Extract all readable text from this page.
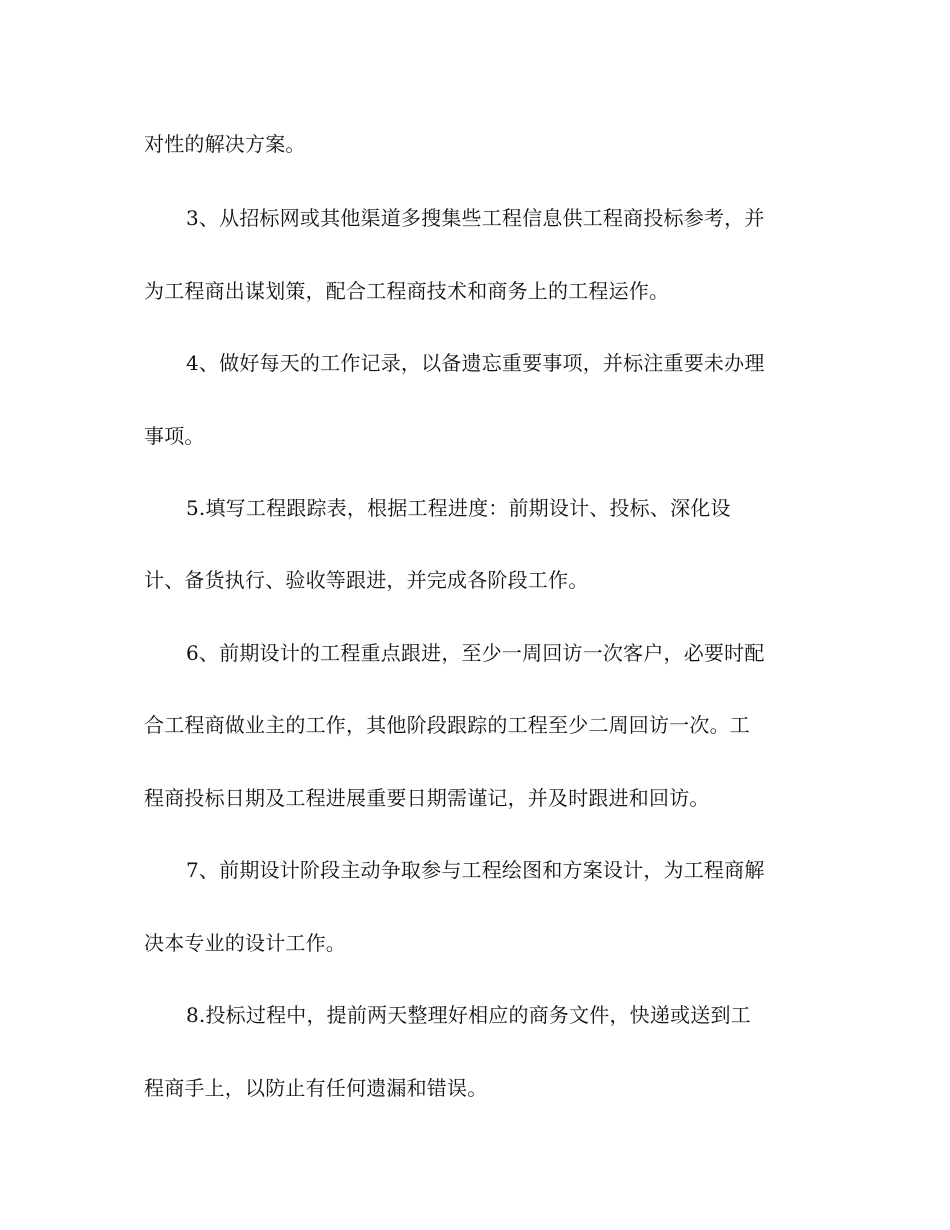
对性的解决方案。
3、从招标网或其他渠道多搜集些工程信息供工程商投标参考，并
为工程商出谋划策，配合工程商技术和商务上的工程运作。
4、做好每天的工作记录，以备遗忘重要事项，并标注重要未办理
事项。
5.填写工程跟踪表，根据工程进度：前期设计、投标、深化设
计、备货执行、验收等跟进，并完成各阶段工作。
6、前期设计的工程重点跟进，至少一周回访一次客户，必要时配
合工程商做业主的工作，其他阶段跟踪的工程至少二周回访一次。工
程商投标日期及工程进展重要日期需谨记，并及时跟进和回访。
7、前期设计阶段主动争取参与工程绘图和方案设计，为工程商解
决本专业的设计工作。
8.投标过程中，提前两天整理好相应的商务文件，快递或送到工
程商手上，以防止有任何遗漏和错误。
